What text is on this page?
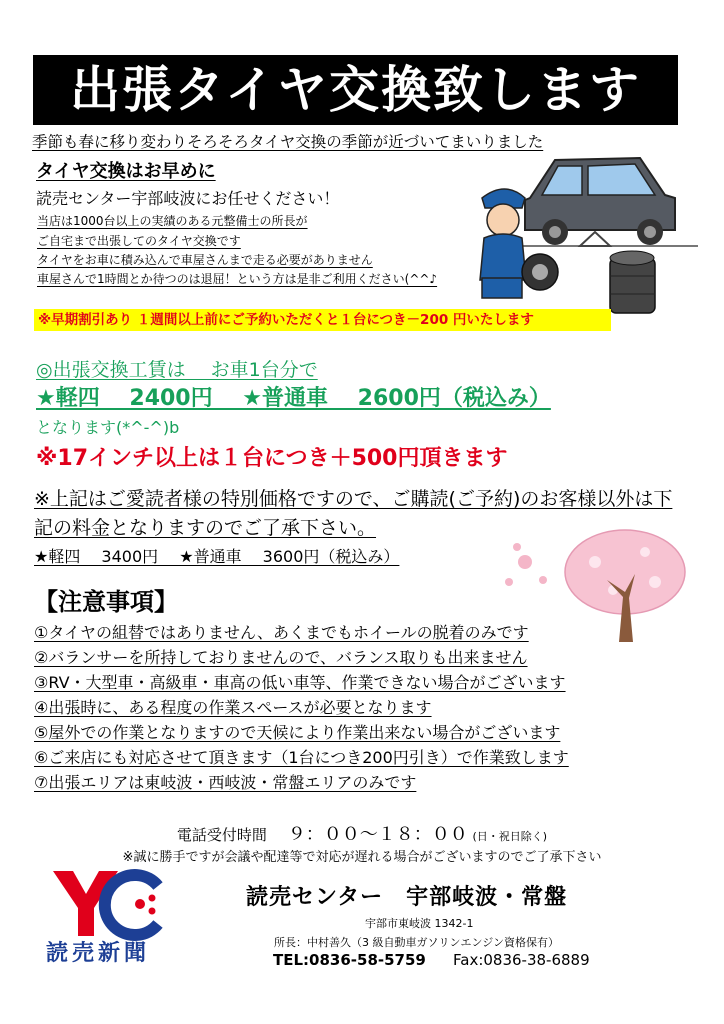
出張タイヤ交換致します
季節も春に移り変わりそろそろタイヤ交換の季節が近づいてまいりました
タイヤ交換はお早めに
読売センター宇部岐波にお任せください！
当店は1000台以上の実績のある元整備士の所長が
ご自宅まで出張してのタイヤ交換です
タイヤをお車に積み込んで車屋さんまで走る必要がありません
車屋さんで1時間とか待つのは退屈！という方は是非ご利用ください(^^♪
※早期割引あり １週間以上前にご予約いただくと１台につき－200 円いたします
◎出張交換工賃は　 お車1台分で
★軽四　 2400円　 ★普通車　 2600円（税込み）
となります(*^-^)b
※17インチ以上は１台につき＋500円頂きます
※上記はご愛読者様の特別価格ですので、ご購読(ご予約)のお客様以外は下記の料金となりますのでご了承下さい。
★軽四　 3400円　 ★普通車　 3600円（税込み）
【注意事項】
①タイヤの組替ではありません、あくまでもホイールの脱着のみです
②バランサーを所持しておりませんので、バランス取りも出来ません
③RV・大型車・高級車・車高の低い車等、作業できない場合がございます
④出張時に、ある程度の作業スペースが必要となります
⑤屋外での作業となりますので天候により作業出来ない場合がございます
⑥ご来店にも対応させて頂きます（1台につき200円引き）で作業致します
⑦出張エリアは東岐波・西岐波・常盤エリアのみです
電話受付時間 ９：００～１８：００ (日・祝日除く)
※誠に勝手ですが会議や配達等で対応が遅れる場合がございますのでご了承下さい
読売新聞
読売センター　宇部岐波・常盤
宇部市東岐波 1342-1
所長：中村善久（3 級自動車ガソリンエンジン資格保有）
TEL:0836-58-5759 Fax:0836-38-6889
